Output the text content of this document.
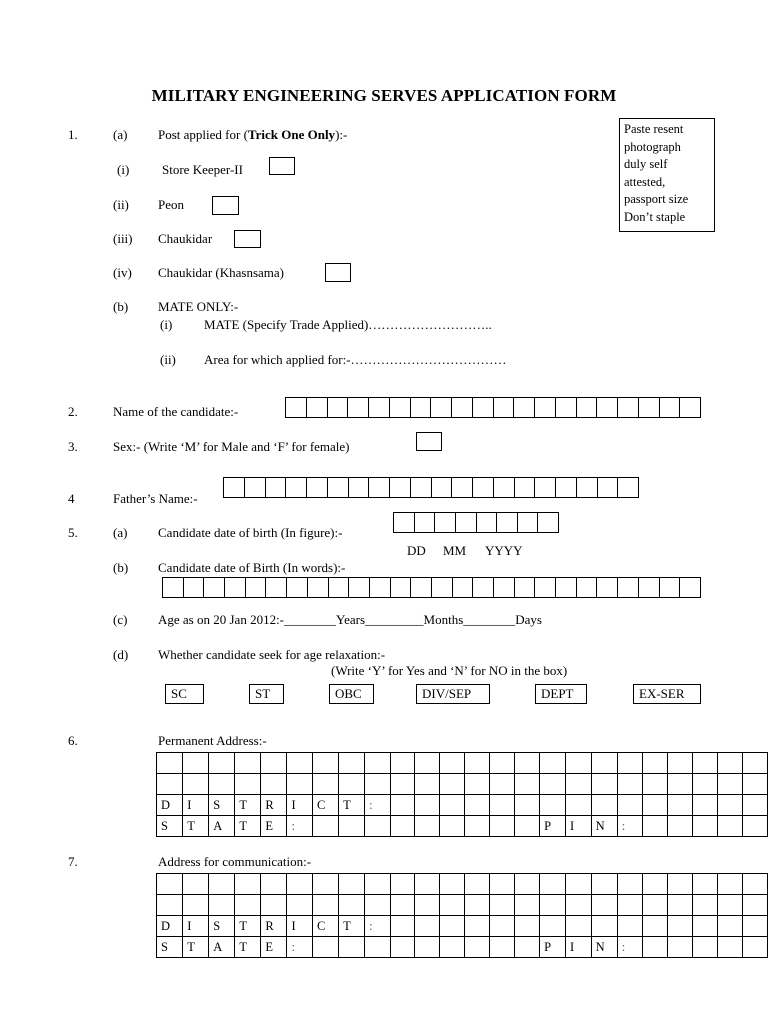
MILITARY ENGINEERING SERVES APPLICATION FORM
Paste resent
photograph
duly self
attested,
passport size
Don’t staple
1.	(a) Post applied for (Trick One Only):-
(i)	Store Keeper-II
(ii) Peon
(iii) Chaukidar
(iv) Chaukidar (Khasnsama)
(b) MATE ONLY:-
(i) MATE (Specify Trade Applied)………………………..
(ii) Area for which applied for:-………………………………
2.	Name of the candidate:-
3.	Sex:- (Write ‘M’ for Male and ‘F’ for female)
4	Father’s Name:-
5.	(a) Candidate date of birth (In figure):-
DD MM YYYY
(b) Candidate date of Birth (In words):-
(c) Age as on 20 Jan 2012:-________Years_________Months________Days
(d) Whether candidate seek for age relaxation:-
(Write ‘Y’ for Yes and ‘N’ for NO in the box)
SC	ST	OBC	DIV/SEP	DEPT	EX-SER
6.	Permanent Address:-

D	I	S	T	R	I	C	T	:															
S	T	A	T	E	:										P	I	N	:					
7.	Address for communication:-

D	I	S	T	R	I	C	T	:															
S	T	A	T	E	:										P	I	N	:					
